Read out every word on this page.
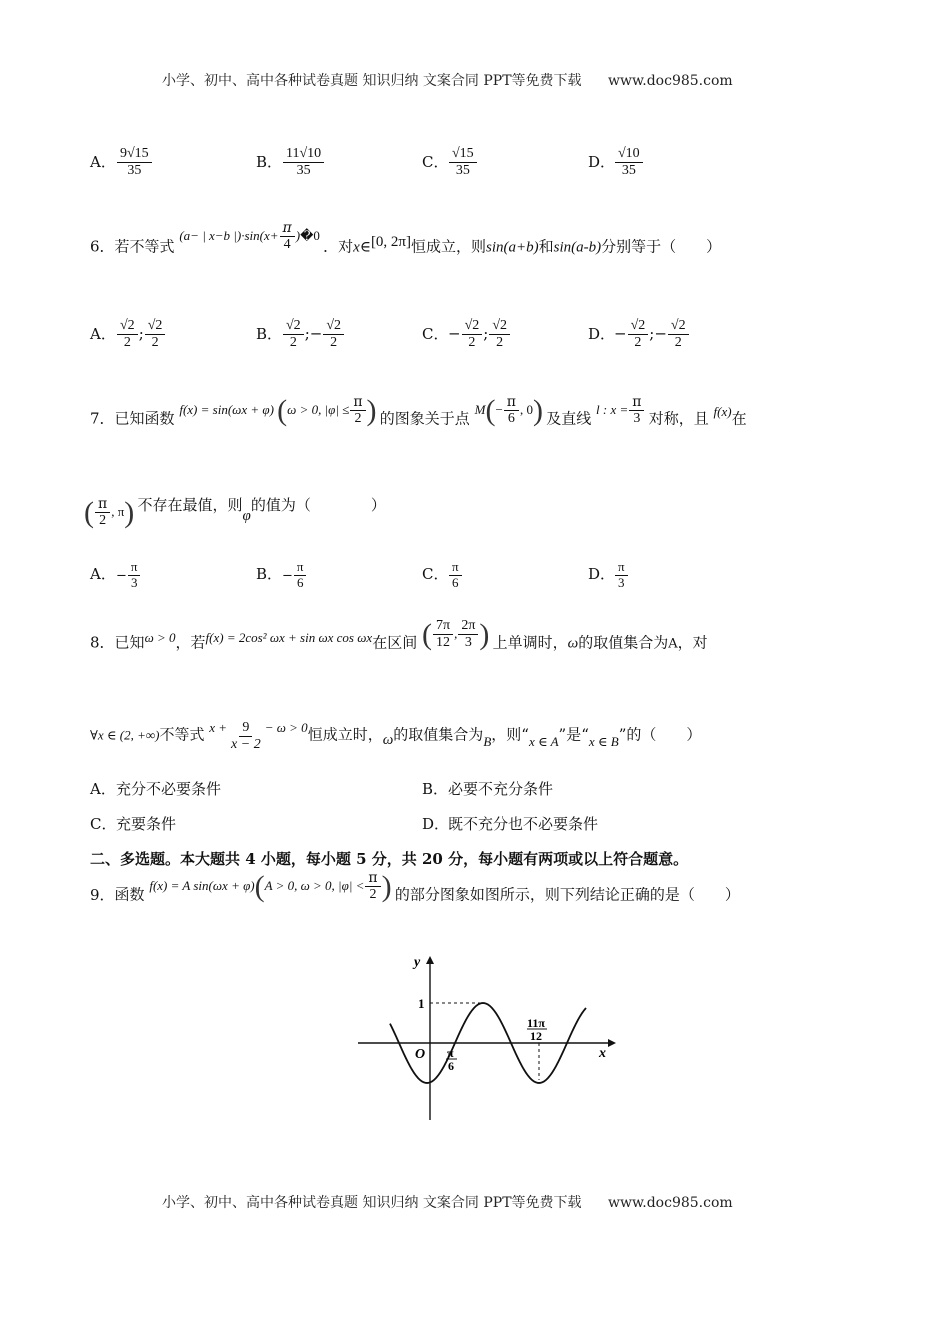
小学、初中、高中各种试卷真题 知识归纳 文案合同 PPT等免费下载 www.doc985.com
A． $\frac{9√15}{35}$	B． $\frac{11√10}{35}$	C． $\frac{√15}{35}$	D． $\frac{√10}{35}$
6．若不等式 (a− | x−b $|)\cdot\sin(x+ \frac{\pi}{4}$ )�0 ．对x∈[0, 2π]恒成立，则sin(a+b)和sin(a-b)分别等于（　　）
A． $\frac{√2}{2}$ ; $\frac{√2}{2}$	B． $\frac{√2}{2}$ ;− $\frac{√2}{2}$	C．− $\frac{√2}{2}$ ; $\frac{√2}{2}$	D．− $\frac{√2}{2}$ ;− $\frac{√2}{2}$
7．已知函数 f(x) = sin(ωx + φ) (ω > 0, $|\varphi| \le \frac{\pi}{2}$ ) 的图象关于点 $M(- \frac{\pi}{6}$ , 0) 及直线 l : $x = \frac{\pi}{3}$ 对称，且 f(x)在
( $\frac{\pi}{2}$ , π) 不存在最值，则φ的值为（　　　　）
A．− $\frac{\pi}{3}$	B．− $\frac{\pi}{6}$	C． $\frac{\pi}{6}$	D． $\frac{\pi}{3}$
8．已知ω > 0，若f(x) = 2cos² ωx + sin ωx cos ωx在区间 ( $\frac{7\pi}{12}$ , $\frac{2\pi}{3}$ ) 上单调时，ω的取值集合为A，对
∀x ∈ (2, +∞)不等式 $x + \frac{9}{x - 2} - \omega > 0$恒成立时，ω的取值集合为B，则“x ∈ A”是“x ∈ B”的（　　）
A．充分不必要条件	B．必要不充分条件
C．充要条件	D．既不充分也不必要条件
二、多选题。本大题共 4 小题，每小题 5 分，共 20 分，每小题有两项或以上符合题意。
9．函数 f(x) = A sin(ωx + φ)(A > 0, ω > 0, $|\varphi| < \frac{\pi}{2}$ ) 的部分图象如图所示，则下列结论正确的是（　　）
y
x
O
1
π
6
11π
12
小学、初中、高中各种试卷真题 知识归纳 文案合同 PPT等免费下载 www.doc985.com
